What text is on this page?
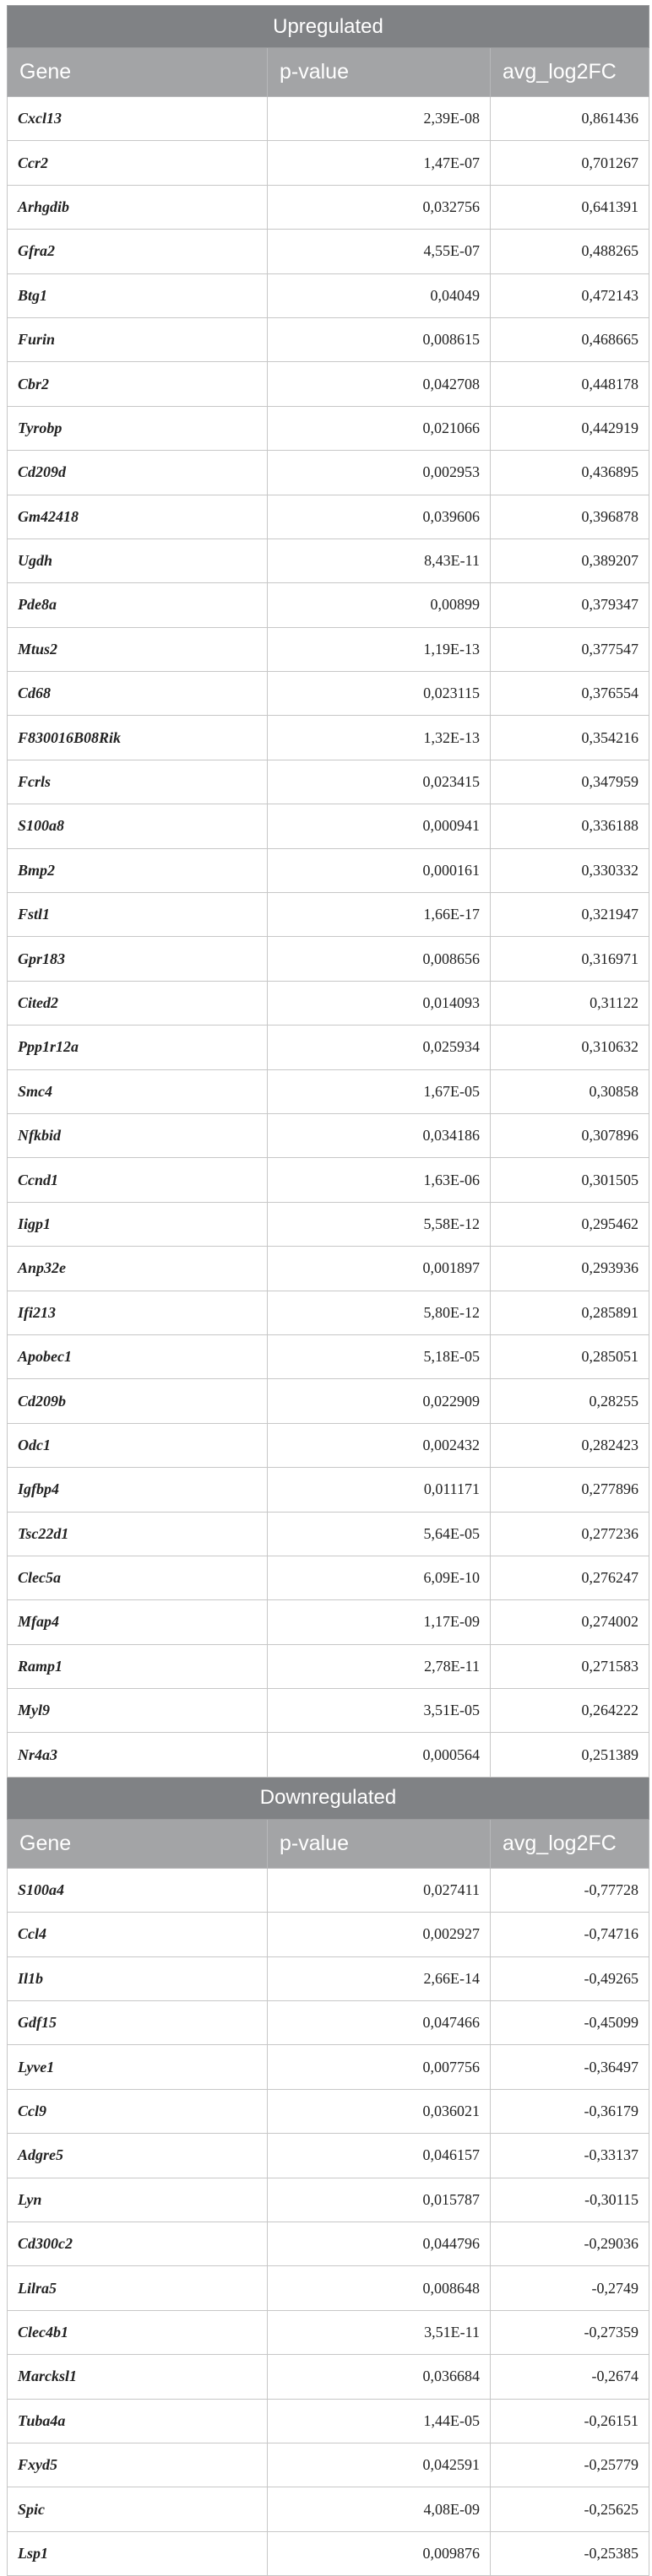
Upregulated		
Gene	p-value	avg_log2FC
Cxcl13	2,39E-08	0,861436
Ccr2	1,47E-07	0,701267
Arhgdib	0,032756	0,641391
Gfra2	4,55E-07	0,488265
Btg1	0,04049	0,472143
Furin	0,008615	0,468665
Cbr2	0,042708	0,448178
Tyrobp	0,021066	0,442919
Cd209d	0,002953	0,436895
Gm42418	0,039606	0,396878
Ugdh	8,43E-11	0,389207
Pde8a	0,00899	0,379347
Mtus2	1,19E-13	0,377547
Cd68	0,023115	0,376554
F830016B08Rik	1,32E-13	0,354216
Fcrls	0,023415	0,347959
S100a8	0,000941	0,336188
Bmp2	0,000161	0,330332
Fstl1	1,66E-17	0,321947
Gpr183	0,008656	0,316971
Cited2	0,014093	0,31122
Ppp1r12a	0,025934	0,310632
Smc4	1,67E-05	0,30858
Nfkbid	0,034186	0,307896
Ccnd1	1,63E-06	0,301505
Iigp1	5,58E-12	0,295462
Anp32e	0,001897	0,293936
Ifi213	5,80E-12	0,285891
Apobec1	5,18E-05	0,285051
Cd209b	0,022909	0,28255
Odc1	0,002432	0,282423
Igfbp4	0,011171	0,277896
Tsc22d1	5,64E-05	0,277236
Clec5a	6,09E-10	0,276247
Mfap4	1,17E-09	0,274002
Ramp1	2,78E-11	0,271583
Myl9	3,51E-05	0,264222
Nr4a3	0,000564	0,251389
Downregulated		
Gene	p-value	avg_log2FC
S100a4	0,027411	-0,77728
Ccl4	0,002927	-0,74716
Il1b	2,66E-14	-0,49265
Gdf15	0,047466	-0,45099
Lyve1	0,007756	-0,36497
Ccl9	0,036021	-0,36179
Adgre5	0,046157	-0,33137
Lyn	0,015787	-0,30115
Cd300c2	0,044796	-0,29036
Lilra5	0,008648	-0,2749
Clec4b1	3,51E-11	-0,27359
Marcksl1	0,036684	-0,2674
Tuba4a	1,44E-05	-0,26151
Fxyd5	0,042591	-0,25779
Spic	4,08E-09	-0,25625
Lsp1	0,009876	-0,25385
